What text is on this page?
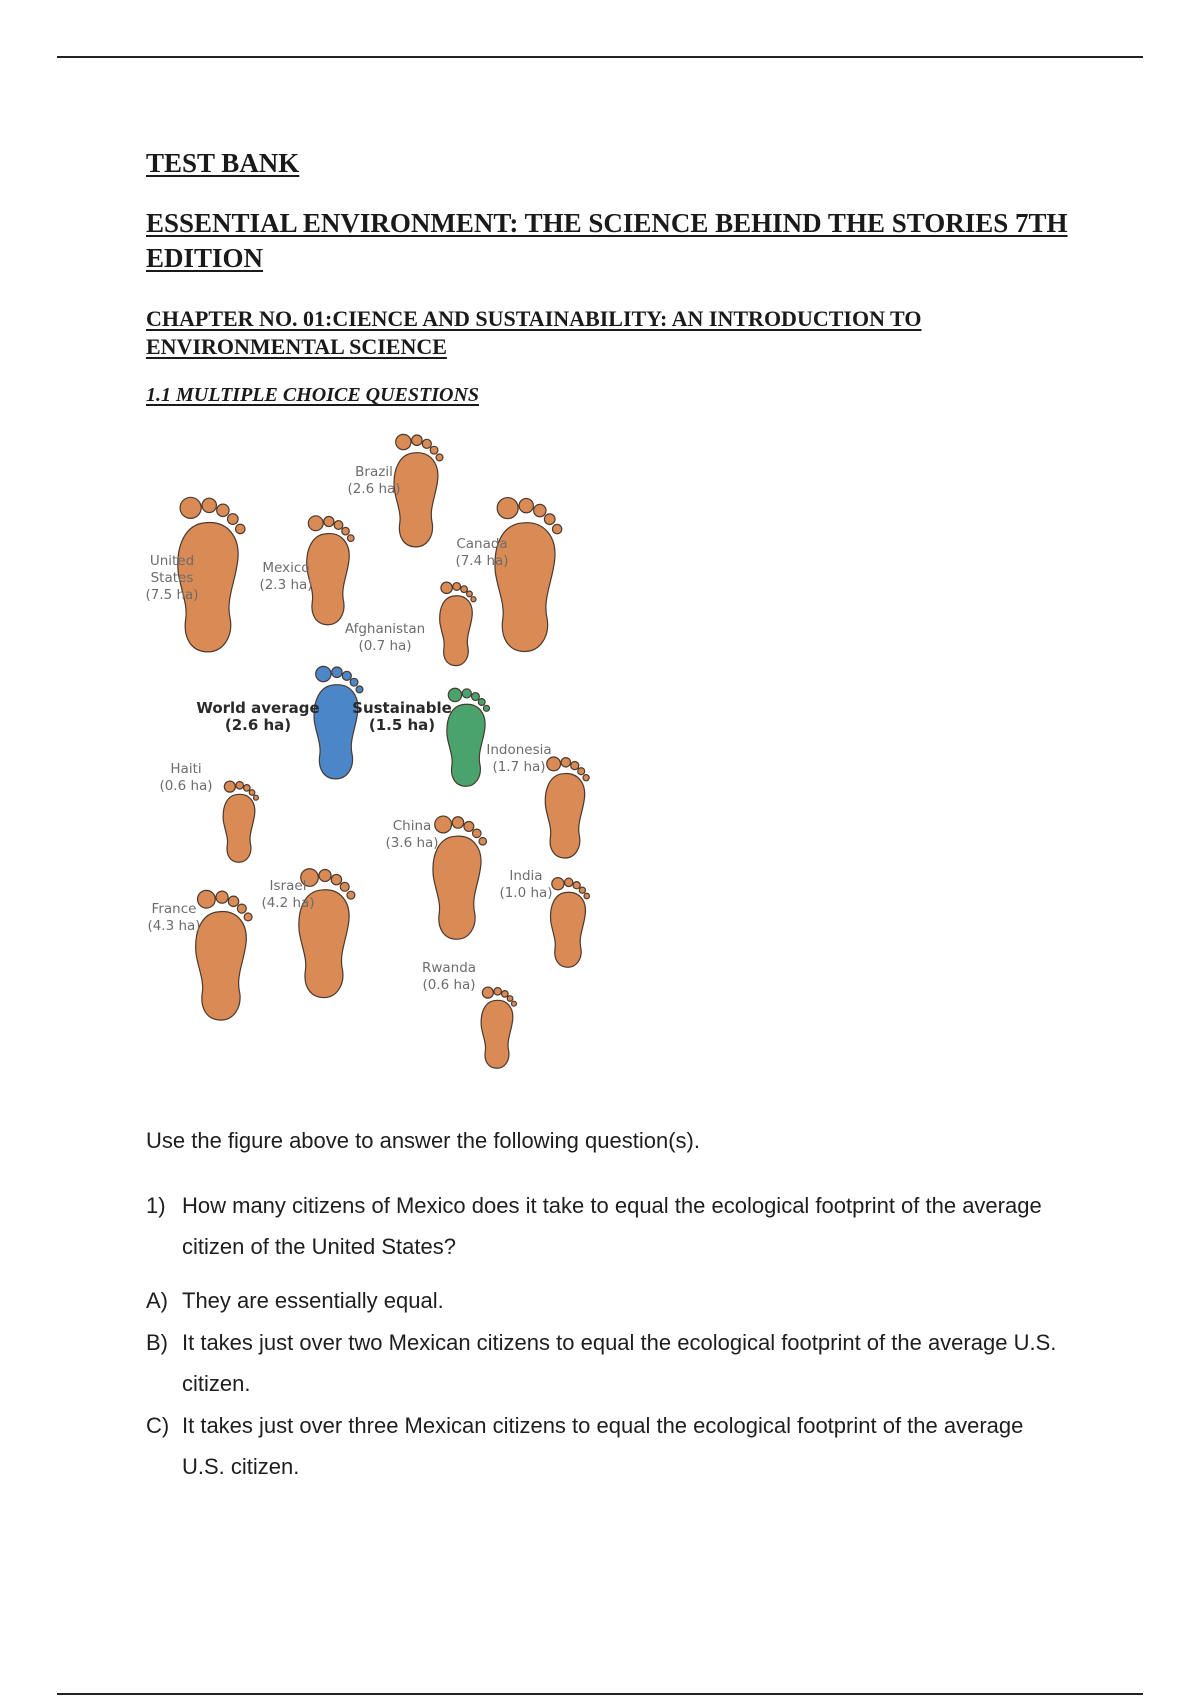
TEST BANK
ESSENTIAL ENVIRONMENT: THE SCIENCE BEHIND THE STORIES 7TH EDITION
CHAPTER NO. 01:CIENCE AND SUSTAINABILITY: AN INTRODUCTION TO ENVIRONMENTAL SCIENCE
1.1 MULTIPLE CHOICE QUESTIONS
Brazil
(2.6 ha)
Canada
(7.4 ha)
United
States
(7.5 ha)
Mexico
(2.3 ha)
Afghanistan
(0.7 ha)
World average
(2.6 ha)
Sustainable
(1.5 ha)
Indonesia
(1.7 ha)
Haiti
(0.6 ha)
China
(3.6 ha)
India
(1.0 ha)
Israel
(4.2 ha)
France
(4.3 ha)
Rwanda
(0.6 ha)

Use the figure above to answer the following question(s).

1) How many citizens of Mexico does it take to equal the ecological footprint of the average citizen of the United States?
A) They are essentially equal.
B) It takes just over two Mexican citizens to equal the ecological footprint of the average U.S. citizen.
C) It takes just over three Mexican citizens to equal the ecological footprint of the average U.S. citizen.
